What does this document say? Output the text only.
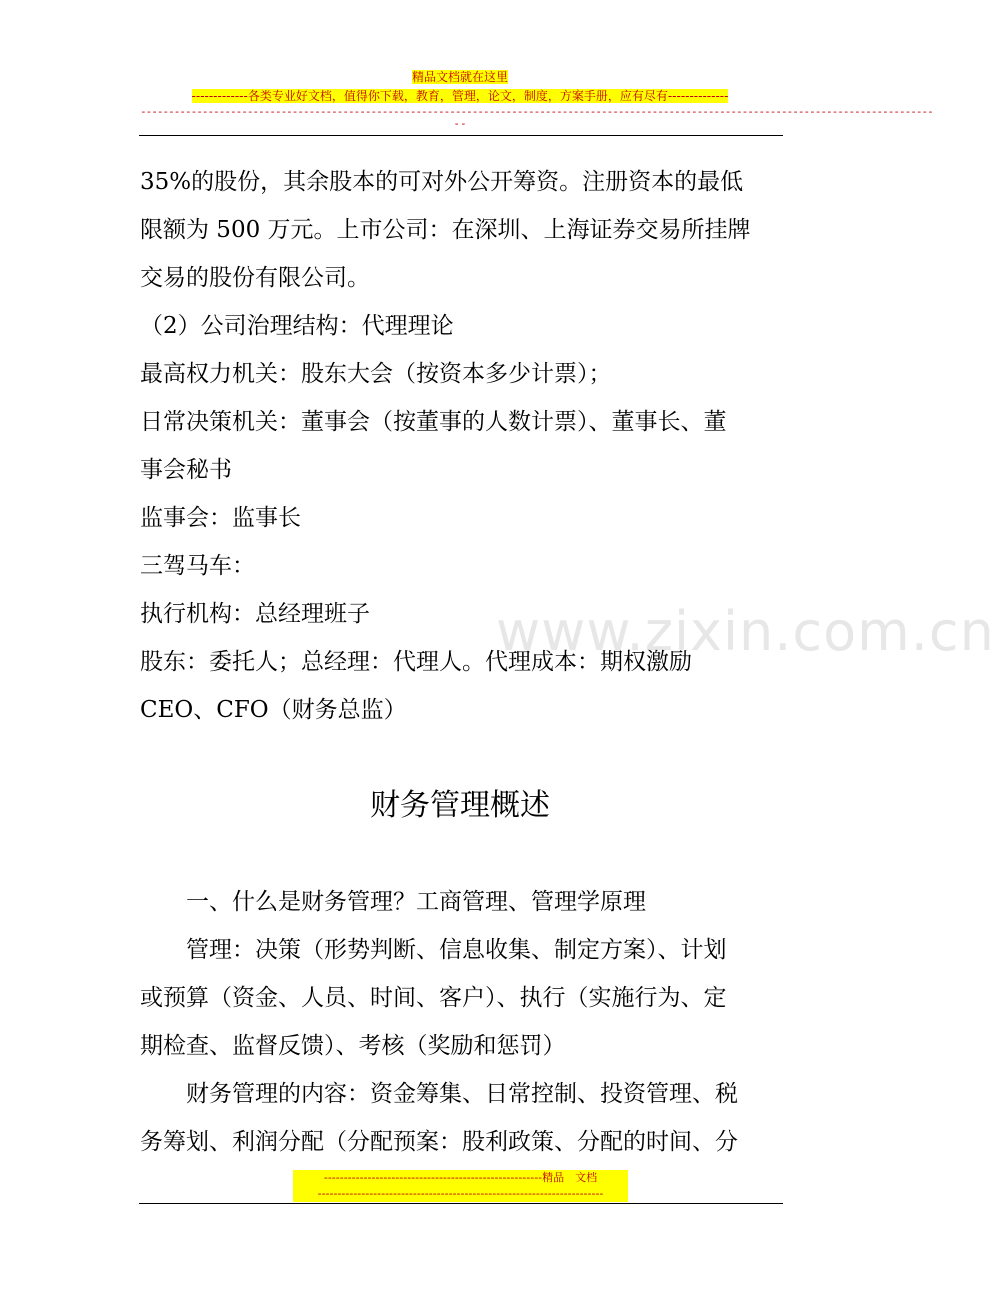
精品文档就在这里
-------------各类专业好文档，值得你下载，教育，管理，论文，制度，方案手册，应有尽有--------------
---------------------------------------------------------------------------------------------------------------------------------------------
--
www.zixin.com.cn
35%的股份，其余股本的可对外公开筹资。注册资本的最低
限额为 500 万元。上市公司：在深圳、上海证券交易所挂牌
交易的股份有限公司。
（2）公司治理结构：代理理论
最高权力机关：股东大会（按资本多少计票）；
日常决策机关：董事会（按董事的人数计票）、董事长、董
事会秘书
监事会：监事长
三驾马车：
执行机构：总经理班子
股东：委托人；总经理：代理人。代理成本：期权激励
CEO、CFO（财务总监）
财务管理概述
　　一、什么是财务管理？工商管理、管理学原理
　　管理：决策（形势判断、信息收集、制定方案）、计划
或预算（资金、人员、时间、客户）、执行（实施行为、定
期检查、监督反馈）、考核（奖励和惩罚）
　　财务管理的内容：资金筹集、日常控制、投资管理、税
务筹划、利润分配（分配预案：股利政策、分配的时间、分
-------------------------------------------------------精品　文档
------------------------------------------------------------------------
